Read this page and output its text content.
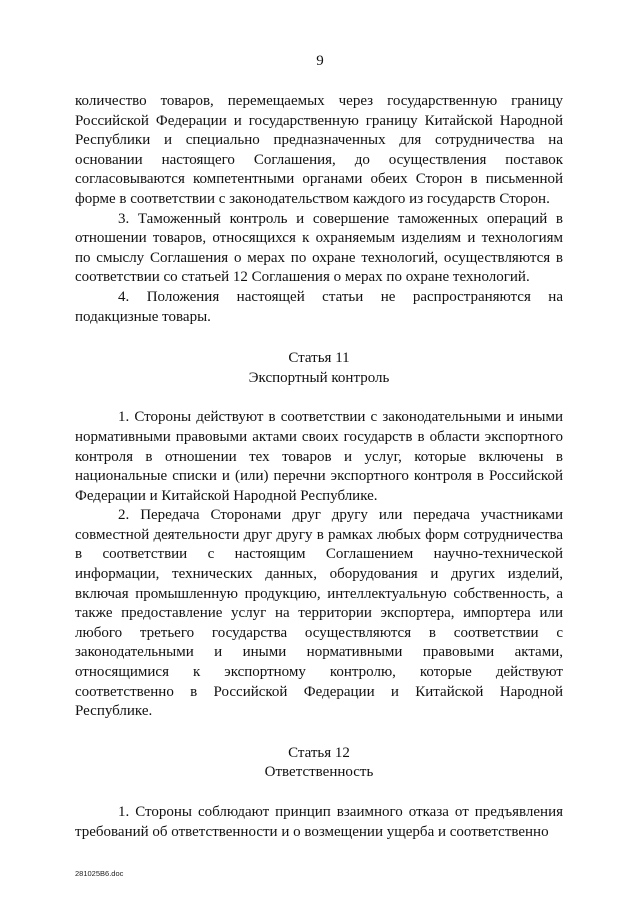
9

количество товаров, перемещаемых через государственную границу Российской Федерации и государственную границу Китайской Народной Республики и специально предназначенных для сотрудничества на основании настоящего Соглашения, до осуществления поставок согласовываются компетентными органами обеих Сторон в письменной форме в соответствии с законодательством каждого из государств Сторон.

3. Таможенный контроль и совершение таможенных операций в отношении товаров, относящихся к охраняемым изделиям и технологиям по смыслу Соглашения о мерах по охране технологий, осуществляются в соответствии со статьей 12 Соглашения о мерах по охране технологий.

4. Положения настоящей статьи не распространяются на подакцизные товары.

Статья 11

Экспортный контроль

1. Стороны действуют в соответствии с законодательными и иными нормативными правовыми актами своих государств в области экспортного контроля в отношении тех товаров и услуг, которые включены в национальные списки и (или) перечни экспортного контроля в Российской Федерации и Китайской Народной Республике.

2. Передача Сторонами друг другу или передача участниками совместной деятельности друг другу в рамках любых форм сотрудничества в соответствии с настоящим Соглашением научно-технической информации, технических данных, оборудования и других изделий, включая промышленную продукцию, интеллектуальную собственность, а также предоставление услуг на территории экспортера, импортера или любого третьего государства осуществляются в соответствии с законодательными и иными нормативными правовыми актами, относящимися к экспортному контролю, которые действуют соответственно в Российской Федерации и Китайской Народной Республике.

Статья 12

Ответственность

1. Стороны соблюдают принцип взаимного отказа от предъявления требований об ответственности и о возмещении ущерба и соответственно

281025B6.doc
